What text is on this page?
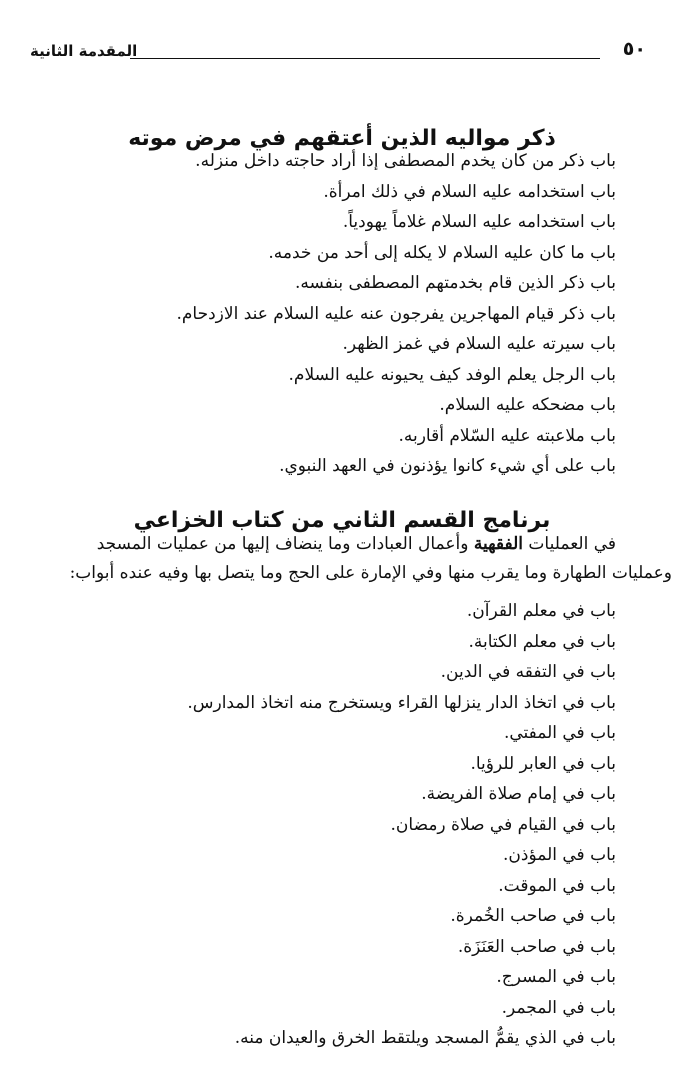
المقدمة الثانية	٥٠
ذكر مواليه الذين أعتقهم في مرض موته
باب ذكر من كان يخدم المصطفى إذا أراد حاجته داخل منزله.
باب استخدامه عليه السلام في ذلك امرأة.
باب استخدامه عليه السلام غلاماً يهودياً.
باب ما كان عليه السلام لا يكله إلى أحد من خدمه.
باب ذكر الذين قام بخدمتهم المصطفى بنفسه.
باب ذكر قيام المهاجرين يفرجون عنه عليه السلام عند الازدحام.
باب سيرته عليه السلام في غمز الظهر.
باب الرجل يعلم الوفد كيف يحيونه عليه السلام.
باب مضحكه عليه السلام.
باب ملاعبته عليه السّلام أقاربه.
باب على أي شيء كانوا يؤذنون في العهد النبوي.
برنامج القسم الثاني من كتاب الخزاعي

في العمليات الفقهية وأعمال العبادات وما ينضاف إليها من عمليات المسجد

وعمليات الطهارة وما يقرب منها وفي الإمارة على الحج وما يتصل بها وفيه عنده أبواب:

باب في معلم القرآن.
باب في معلم الكتابة.
باب في التفقه في الدين.
باب في اتخاذ الدار ينزلها القراء ويستخرج منه اتخاذ المدارس.
باب في المفتي.
باب في العابر للرؤيا.
باب في إمام صلاة الفريضة.
باب في القيام في صلاة رمضان.
باب في المؤذن.
باب في الموقت.
باب في صاحب الخُمرة.
باب في صاحب العَنَزَة.
باب في المسرج.
باب في المجمر.
باب في الذي يقمُّ المسجد ويلتقط الخرق والعيدان منه.
